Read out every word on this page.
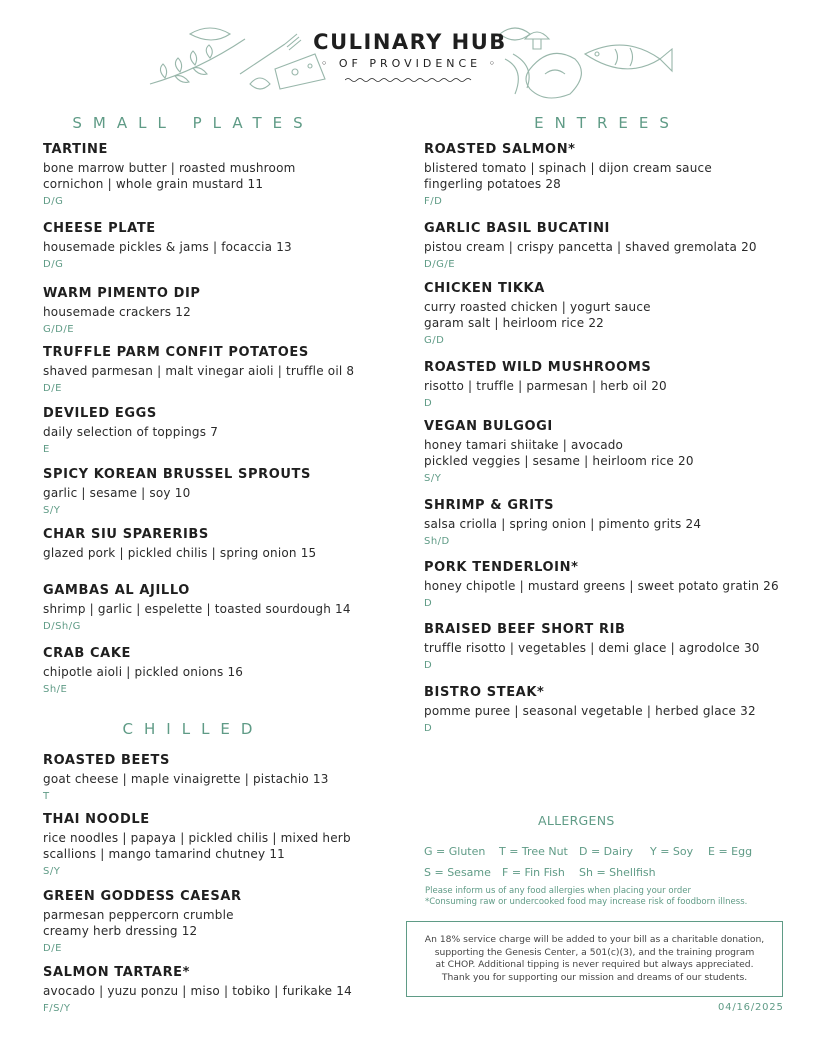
CULINARY HUB
◦ OF PROVIDENCE ◦
SMALL PLATES	ENTREES
CHILLED
TARTINE
bone marrow butter | roasted mushroom
cornichon | whole grain mustard 11
D/G
CHEESE PLATE
housemade pickles & jams | focaccia 13
D/G
WARM PIMENTO DIP
housemade crackers 12
G/D/E
TRUFFLE PARM CONFIT POTATOES
shaved parmesan | malt vinegar aioli | truffle oil 8
D/E
DEVILED EGGS
daily selection of toppings 7
E
SPICY KOREAN BRUSSEL SPROUTS
garlic | sesame | soy 10
S/Y
CHAR SIU SPARERIBS
glazed pork | pickled chilis | spring onion 15
GAMBAS AL AJILLO
shrimp | garlic | espelette | toasted sourdough 14
D/Sh/G
CRAB CAKE
chipotle aioli | pickled onions 16
Sh/E
ROASTED BEETS
goat cheese | maple vinaigrette | pistachio 13
T
THAI NOODLE
rice noodles | papaya | pickled chilis | mixed herb
scallions | mango tamarind chutney 11
S/Y
GREEN GODDESS CAESAR
parmesan peppercorn crumble
creamy herb dressing 12
D/E
SALMON TARTARE*
avocado | yuzu ponzu | miso | tobiko | furikake 14
F/S/Y
ROASTED SALMON*
blistered tomato | spinach | dijon cream sauce
fingerling potatoes 28
F/D
GARLIC BASIL BUCATINI
pistou cream | crispy pancetta | shaved gremolata 20
D/G/E
CHICKEN TIKKA
curry roasted chicken | yogurt sauce
garam salt | heirloom rice 22
G/D
ROASTED WILD MUSHROOMS
risotto | truffle | parmesan | herb oil 20
D
VEGAN BULGOGI
honey tamari shiitake | avocado
pickled veggies | sesame | heirloom rice 20
S/Y
SHRIMP & GRITS
salsa criolla | spring onion | pimento grits 24
Sh/D
PORK TENDERLOIN*
honey chipotle | mustard greens | sweet potato gratin 26
D
BRAISED BEEF SHORT RIB
truffle risotto | vegetables | demi glace | agrodolce 30
D
BISTRO STEAK*
pomme puree | seasonal vegetable | herbed glace 32
D
ALLERGENS
G = Gluten T = Tree Nut D = Dairy Y = Soy E = Egg
S = Sesame F = Fin Fish Sh = Shellfish
Please inform us of any food allergies when placing your order
*Consuming raw or undercooked food may increase risk of foodborn illness.
An 18% service charge will be added to your bill as a charitable donation,
supporting the Genesis Center, a 501(c)(3), and the training program
at CHOP. Additional tipping is never required but always appreciated.
Thank you for supporting our mission and dreams of our students.
04/16/2025
